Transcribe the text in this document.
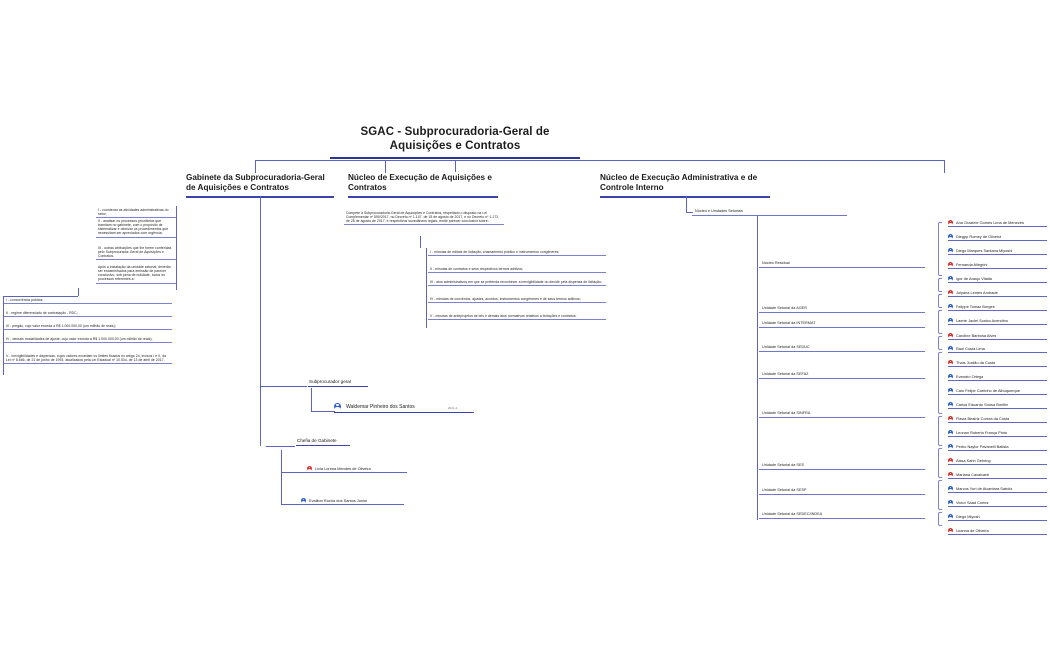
SGAC - Subprocuradoria-Geral de Aquisições e Contratos
Gabinete da Subprocuradoria-Geral de Aquisições e Contratos
Núcleo de Execução de Aquisições e Contratos
Núcleo de Execução Administrativa e de Controle Interno
I - coordenar as atividades administrativas do setor;
II - analisar os processos prioritários que tramitam no gabinete, com o propósito de sistematizar e otimizar os procedimentos que necessitam ser apreciados com urgência;
III - outras atribuições que lhe forem conferidas pelo Subprocurador-Geral de Aquisições e Contratos.
Após a instalação da unidade setorial, deverão ser encaminhados para emissão de parecer conclusivo, sob pena de nulidade, todos os processos referentes a:
I - concorrência pública;
II - regime diferenciado de contratação - RDC;
III - pregão, cujo valor exceda a R$ 1.000.000,00 (um milhão de reais);
IV - demais modalidades de ajuste, cujo valor exceda a R$ 1.000.000,00 (um milhão de reais);
V - inexigibilidades e dispensas, cujos valores excedam os limites fixados no artigo 24, incisos I e II, da Lei nº 8.666, de 21 de junho de 1993, atualizados pela Lei Estadual nº 10.534, de 13 de abril de 2017.
Subprocurador geral
Waldemar Pinheiro dos Santos	2021-2
Chefia de Gabinete
Livia Lorena Mendes de Oliveira
Evaliton Rocha dos Santos Junior
Compete à Subprocuradoria-Geral de Aquisições e Contratos, respeitado o disposto na Lei Complementar nº 590/2017, no Decreto nº 1.147, de 15 de agosto de 2017, e no Decreto nº 1.172, de 28 de agosto de 2017, e respectivos sucedâneos legais, emitir parecer conclusivo sobre:
I - minutas de editais de licitação, chamamento público e instrumentos congêneres;
II - minutas de contratos e seus respectivos termos aditivos;
III - atos administrativos em que se pretenda reconhecer a inexigibilidade ou decidir pela dispensa de licitação;
IV - minutas de convênios, ajustes, acordos, instrumentos congêneres e de seus termos aditivos;
V - minutas de anteprojetos de leis e demais atos normativos relativos a licitações e contratos;
Núcleo e Unidades Setoriais
Núcleo Residual
Unidade Setorial da AGER
Unidade Setorial da INTERMAT
Unidade Setorial da SEDUC
Unidade Setorial da SEFAZ
Unidade Setorial da SINFRA
Unidade Setorial da SES
Unidade Setorial da SESP
Unidade Setorial da SEDEC/INDEA
Ana Graziele Gomes Lima de Menezes
Diegpp Romey de Oliveira
Diego Marques Santana Miyoshi
Fernanda Allegrini
Igor de Araujo Vitalla
Julyana Lemes Andrade
Felippe Tomaz Borges
Laerte Jaciel Scalco Acendino
Caroline Barbosa Alves
Raul Costa Lima
Thais Jordão da Costa
Evandro Ortega
Caio Felipe Carrinho de Albuquerque
Carlos Eduardo Sousa Bonfim
Flavia Beatriz Correa da Costa
Leonan Roberto França Pinto
Pedro Naylor Pavanelli Batista
Aissa Karin Gehring
Mariana Cavalcanti
Marcos Yuri de Alcantara Sabóia
Victor Saad Cortez
Diego Miyoshi
Luanna de Oliveira
